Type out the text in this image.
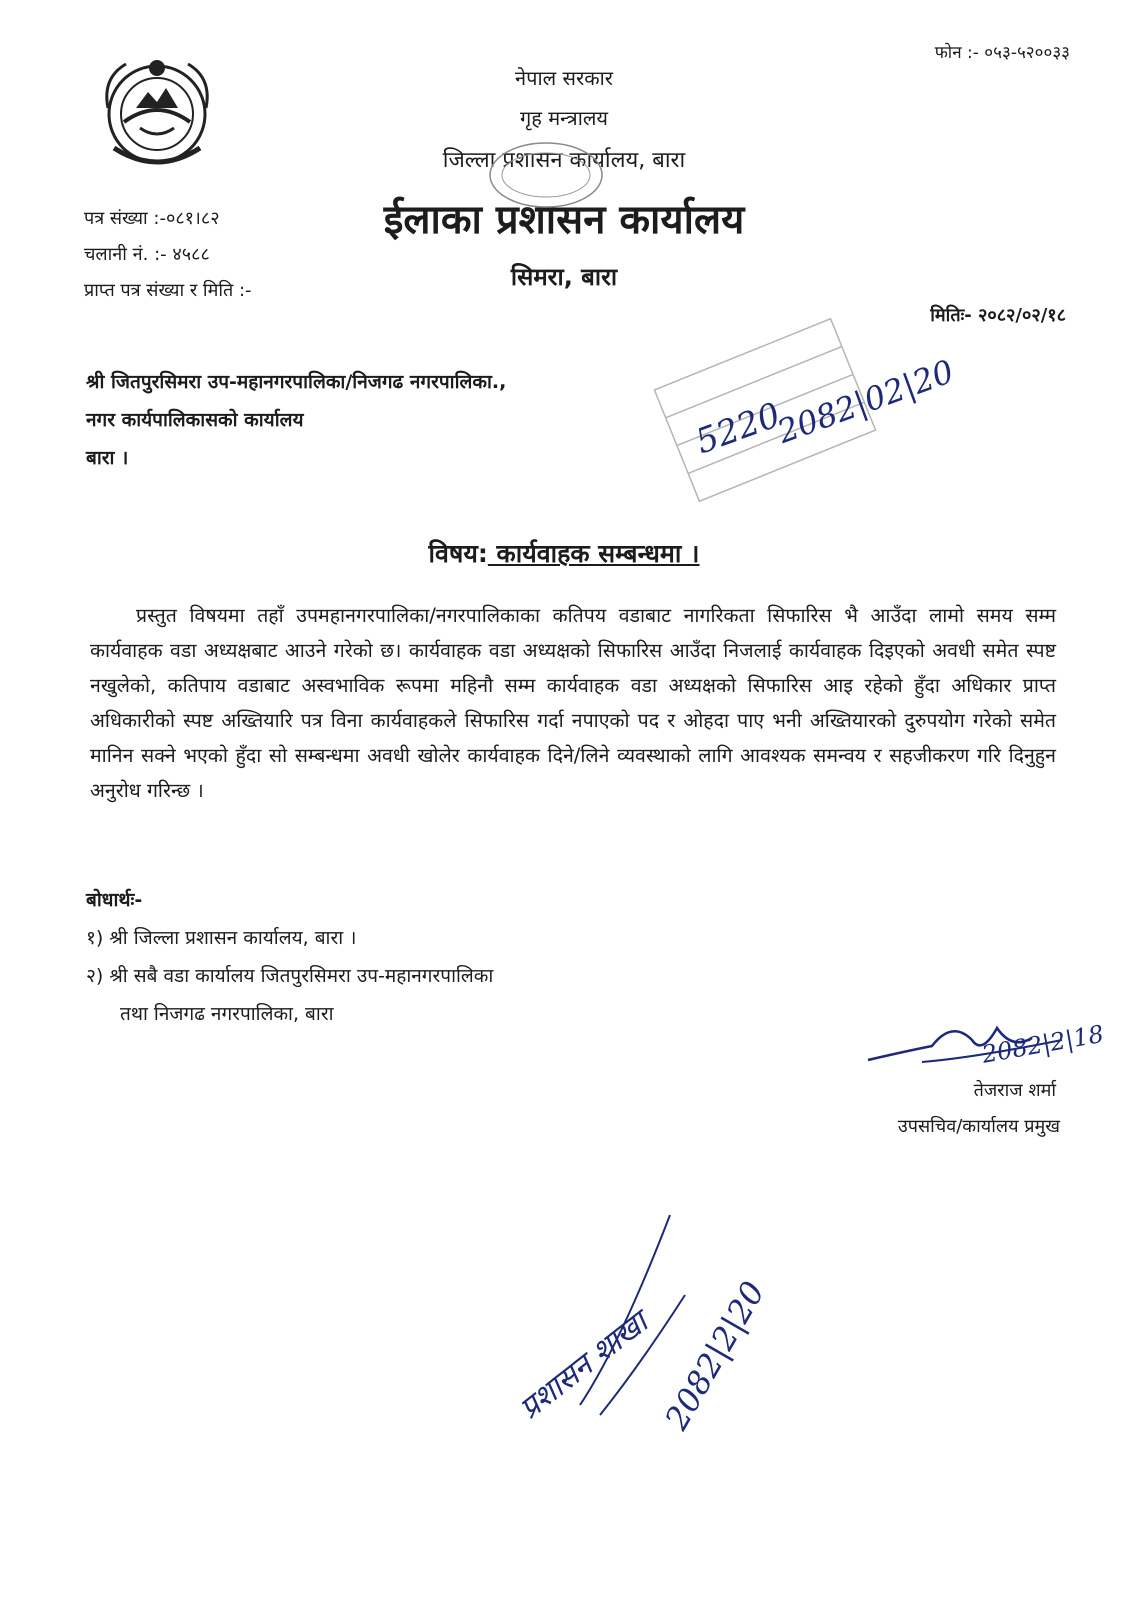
फोन :- ०५३-५२००३३
नेपाल सरकार
गृह मन्त्रालय
जिल्ला प्रशासन कार्यालय, बारा
ईलाका प्रशासन कार्यालय
सिमरा, बारा
पत्र संख्या :-०८१।८२
चलानी नं. :- ४५८८
प्राप्त पत्र संख्या र मिति :-
मितिः- २०८२/०२/१८
श्री जितपुरसिमरा उप-महानगरपालिका/निजगढ नगरपालिका.,
नगर कार्यपालिकासको कार्यालय
बारा ।	5220
2082|02|20
विषय: कार्यवाहक सम्बन्धमा ।
प्रस्तुत विषयमा तहाँ उपमहानगरपालिका/नगरपालिकाका कतिपय वडाबाट नागरिकता सिफारिस भै आउँदा लामो समय सम्म कार्यवाहक वडा अध्यक्षबाट आउने गरेको छ। कार्यवाहक वडा अध्यक्षको सिफारिस आउँदा निजलाई कार्यवाहक दिइएको अवधी समेत स्पष्ट नखुलेको, कतिपाय वडाबाट अस्वभाविक रूपमा महिनौ सम्म कार्यवाहक वडा अध्यक्षको सिफारिस आइ रहेको हुँदा अधिकार प्राप्त अधिकारीको स्पष्ट अख्तियारि पत्र विना कार्यवाहकले सिफारिस गर्दा नपाएको पद र ओहदा पाए भनी अख्तियारको दुरुपयोग गरेको समेत मानिन सक्ने भएको हुँदा सो सम्बन्धमा अवधी खोलेर कार्यवाहक दिने/लिने व्यवस्थाको लागि आवश्यक समन्वय र सहजीकरण गरि दिनुहुन अनुरोध गरिन्छ ।
बोधार्थः-
१) श्री जिल्ला प्रशासन कार्यालय, बारा ।
२) श्री सबै वडा कार्यालय जितपुरसिमरा उप-महानगरपालिका
तथा निजगढ नगरपालिका, बारा
2082|2|18
तेजराज शर्मा
उपसचिव/कार्यालय प्रमुख
प्रशासन शाखा 2082|2|20
